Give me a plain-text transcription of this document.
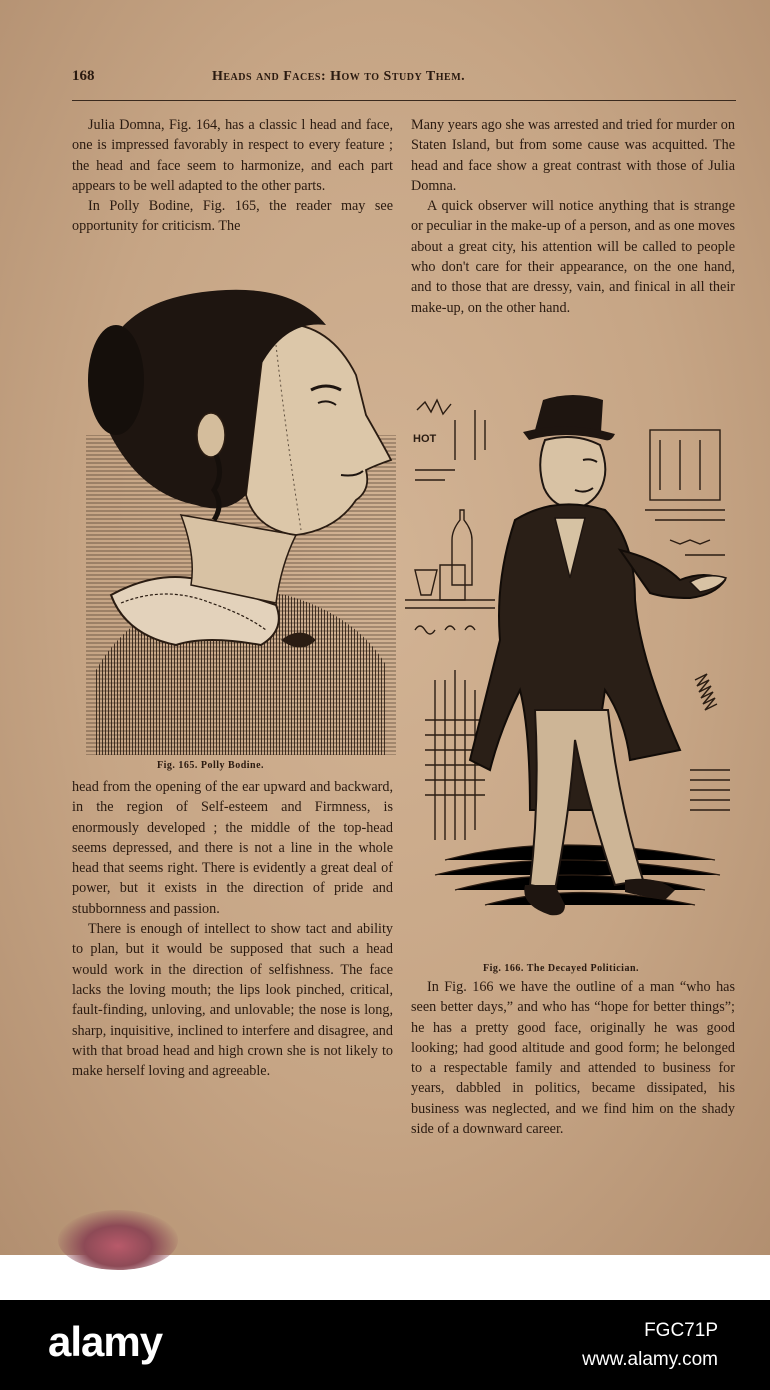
168	Heads and Faces: How to Study Them.

Julia Domna, Fig. 164, has a classic l head and face, one is impressed favorably in respect to every feature ; the head and face seem to harmonize, and each part appears to be well adapted to the other parts.

In Polly Bodine, Fig. 165, the reader may see opportunity for criticism. The

Fig. 165. Polly Bodine.

head from the opening of the ear upward and backward, in the region of Self-esteem and Firmness, is enormously developed ; the middle of the top-head seems depressed, and there is not a line in the whole head that seems right. There is evidently a great deal of power, but it exists in the direction of pride and stubbornness and passion.

There is enough of intellect to show tact and ability to plan, but it would be supposed that such a head would work in the direction of selfishness. The face lacks the loving mouth; the lips look pinched, critical, fault-finding, unloving, and unlovable; the nose is long, sharp, inquisitive, inclined to interfere and disagree, and with that broad head and high crown she is not likely to make herself loving and agreeable.

Many years ago she was arrested and tried for murder on Staten Island, but from some cause was acquitted. The head and face show a great contrast with those of Julia Domna.

A quick observer will notice anything that is strange or peculiar in the make-up of a person, and as one moves about a great city, his attention will be called to people who don't care for their appearance, on the one hand, and to those that are dressy, vain, and finical in all their make-up, on the other hand.

HOT
Fig. 166. The Decayed Politician.

In Fig. 166 we have the outline of a man “who has seen better days,” and who has “hope for better things”; he has a pretty good face, originally he was good looking; had good altitude and good form; he belonged to a respectable family and attended to business for years, dabbled in politics, became dissipated, his business was neglected, and we find him on the shady side of a downward career.

alamy	FGC71P
www.alamy.com
